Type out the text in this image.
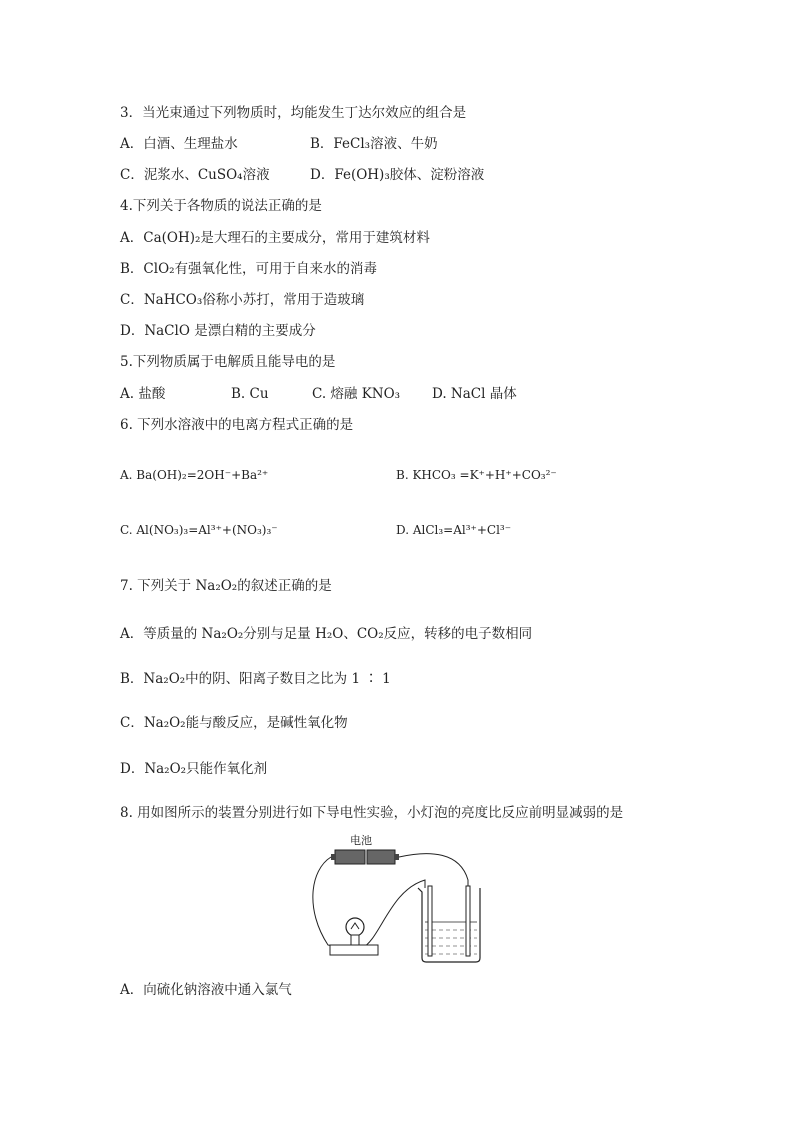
3．当光束通过下列物质时，均能发生丁达尔效应的组合是
A．白酒、生理盐水	B．FeCl₃溶液、牛奶
C．泥浆水、CuSO₄溶液	D．Fe(OH)₃胶体、淀粉溶液
4.下列关于各物质的说法正确的是
A．Ca(OH)₂是大理石的主要成分，常用于建筑材料
B．ClO₂有强氧化性，可用于自来水的消毒
C．NaHCO₃俗称小苏打，常用于造玻璃
D．NaClO 是漂白精的主要成分
5.下列物质属于电解质且能导电的是
A. 盐酸	B. Cu	C. 熔融 KNO₃ D. NaCl 晶体
6. 下列水溶液中的电离方程式正确的是
A. Ba(OH)₂=2OH⁻+Ba²⁺	B. KHCO₃ =K⁺+H⁺+CO₃²⁻
C. Al(NO₃)₃=Al³⁺+(NO₃)₃⁻	D. AlCl₃=Al³⁺+Cl³⁻
7. 下列关于 Na₂O₂的叙述正确的是
A．等质量的 Na₂O₂分别与足量 H₂O、CO₂反应，转移的电子数相同
B．Na₂O₂中的阴、阳离子数目之比为 1 ∶ 1
C．Na₂O₂能与酸反应，是碱性氧化物
D．Na₂O₂只能作氧化剂
8. 用如图所示的装置分别进行如下导电性实验，小灯泡的亮度比反应前明显减弱的是
电池
A．向硫化钠溶液中通入氯气
